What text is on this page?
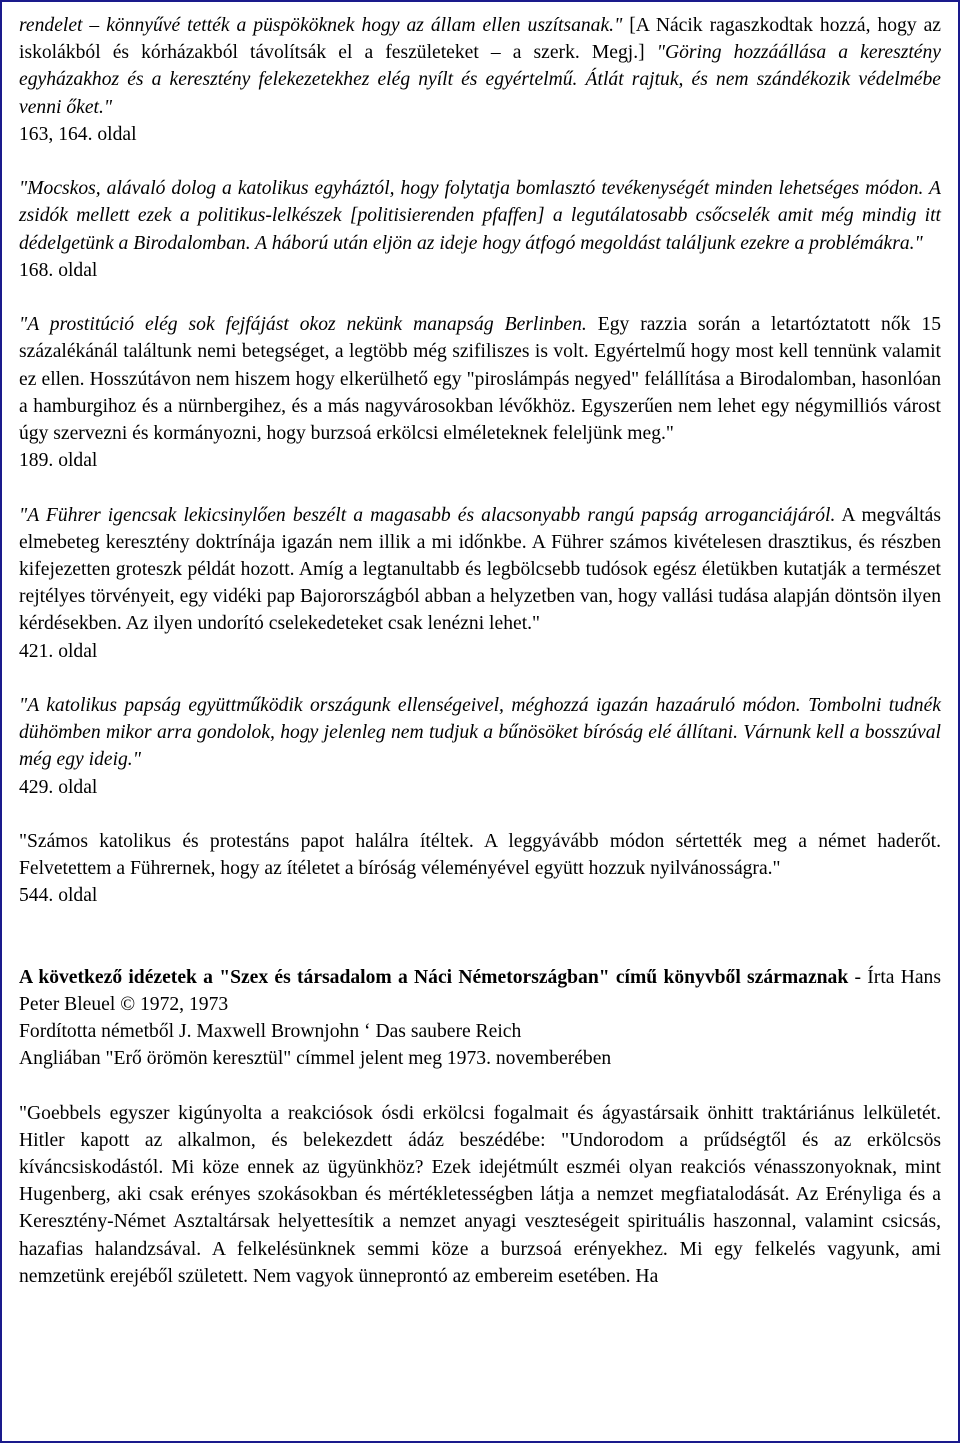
rendelet – könnyűvé tették a püspököknek hogy az állam ellen uszítsanak." [A Nácik ragaszkodtak hozzá, hogy az iskolákból és kórházakból távolítsák el a feszületeket – a szerk. Megj.] "Göring hozzáállása a keresztény egyházakhoz és a keresztény felekezetekhez elég nyílt és egyértelmű. Átlát rajtuk, és nem szándékozik védelmébe venni őket."
163, 164. oldal

"Mocskos, alávaló dolog a katolikus egyháztól, hogy folytatja bomlasztó tevékenységét minden lehetséges módon. A zsidók mellett ezek a politikus-lelkészek [politisierenden pfaffen] a legutálatosabb csőcselék amit még mindig itt dédelgetünk a Birodalomban. A háború után eljön az ideje hogy átfogó megoldást találjunk ezekre a problémákra."
168. oldal

"A prostitúció elég sok fejfájást okoz nekünk manapság Berlinben. Egy razzia során a letartóztatott nők 15 százalékánál találtunk nemi betegséget, a legtöbb még szifiliszes is volt. Egyértelmű hogy most kell tennünk valamit ez ellen. Hosszútávon nem hiszem hogy elkerülhető egy "piroslámpás negyed" felállítása a Birodalomban, hasonlóan a hamburgihoz és a nürnbergihez, és a más nagyvárosokban lévőkhöz. Egyszerűen nem lehet egy négymilliós várost úgy szervezni és kormányozni, hogy burzsoá erkölcsi elméleteknek feleljünk meg."
189. oldal

"A Führer igencsak lekicsinylően beszélt a magasabb és alacsonyabb rangú papság arroganciájáról. A megváltás elmebeteg keresztény doktrínája igazán nem illik a mi időnkbe. A Führer számos kivételesen drasztikus, és részben kifejezetten groteszk példát hozott. Amíg a legtanultabb és legbölcsebb tudósok egész életükben kutatják a természet rejtélyes törvényeit, egy vidéki pap Bajorországból abban a helyzetben van, hogy vallási tudása alapján döntsön ilyen kérdésekben. Az ilyen undorító cselekedeteket csak lenézni lehet."
421. oldal

"A katolikus papság együttműködik országunk ellenségeivel, méghozzá igazán hazaáruló módon. Tombolni tudnék dühömben mikor arra gondolok, hogy jelenleg nem tudjuk a bűnösöket bíróság elé állítani. Várnunk kell a bosszúval még egy ideig."
429. oldal

"Számos katolikus és protestáns papot halálra ítéltek. A leggyávább módon sértették meg a német haderőt. Felvetettem a Führernek, hogy az ítéletet a bíróság véleményével együtt hozzuk nyilvánosságra."
544. oldal

A következő idézetek a "Szex és társadalom a Náci Németországban" című könyvből származnak - Írta Hans Peter Bleuel © 1972, 1973
Fordította németből J. Maxwell Brownjohn ‘ Das saubere Reich
Angliában "Erő örömön keresztül" címmel jelent meg 1973. novemberében

"Goebbels egyszer kigúnyolta a reakciósok ósdi erkölcsi fogalmait és ágyastársaik önhitt traktáriánus lelkületét. Hitler kapott az alkalmon, és belekezdett ádáz beszédébe: "Undorodom a prűdségtől és az erkölcsös kíváncsiskodástól. Mi köze ennek az ügyünkhöz? Ezek idejétmúlt eszméi olyan reakciós vénasszonyoknak, mint Hugenberg, aki csak erényes szokásokban és mértékletességben látja a nemzet megfiatalodását. Az Erényliga és a Keresztény-Német Asztaltársak helyettesítik a nemzet anyagi veszteségeit spirituális haszonnal, valamint csicsás, hazafias halandzsával. A felkelésünknek semmi köze a burzsoá erényekhez. Mi egy felkelés vagyunk, ami nemzetünk erejéből született. Nem vagyok ünneprontó az embereim esetében. Ha
